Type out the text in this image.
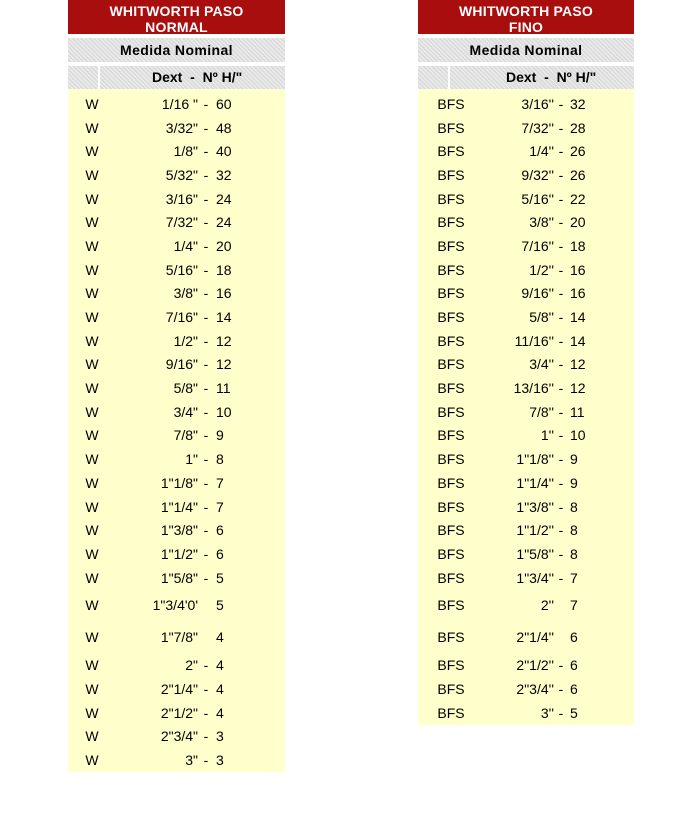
WHITWORTH PASO
NORMAL
Medida Nominal
Dext  -  Nº H/"
W	1/16 " - 60
W	3/32" - 48
W	1/8" - 40
W	5/32" - 32
W	3/16" - 24
W	7/32" - 24
W	1/4" - 20
W	5/16" - 18
W	3/8" - 16
W	7/16" - 14
W	1/2" - 12
W	9/16" - 12
W	5/8" - 11
W	3/4" - 10
W	7/8" - 9
W	1" - 8
W	1"1/8" - 7
W	1"1/4" - 7
W	1"3/8" - 6
W	1"1/2" - 6
W	1"5/8" - 5
W	1"3/4'0' 5
W	1"7/8" 4
W	2" - 4
W	2"1/4" - 4
W	2"1/2" - 4
W	2"3/4" - 3
W	3" - 3
WHITWORTH PASO
FINO
Medida Nominal
Dext  -  Nº H/"
BFS	3/16'' - 32
BFS	7/32'' - 28
BFS	1/4'' - 26
BFS	9/32'' - 26
BFS	5/16'' - 22
BFS	3/8'' - 20
BFS	7/16'' - 18
BFS	1/2'' - 16
BFS	9/16'' - 16
BFS	5/8'' - 14
BFS	11/16'' - 14
BFS	3/4'' - 12
BFS	13/16'' - 12
BFS	7/8'' - 11
BFS	1'' - 10
BFS	1"1/8'' - 9
BFS	1"1/4'' - 9
BFS	1"3/8'' - 8
BFS	1"1/2'' - 8
BFS	1"5/8'' - 8
BFS	1"3/4'' - 7
BFS	2'' 7
BFS	2"1/4'' 6
BFS	2"1/2'' - 6
BFS	2"3/4'' - 6
BFS	3'' - 5
